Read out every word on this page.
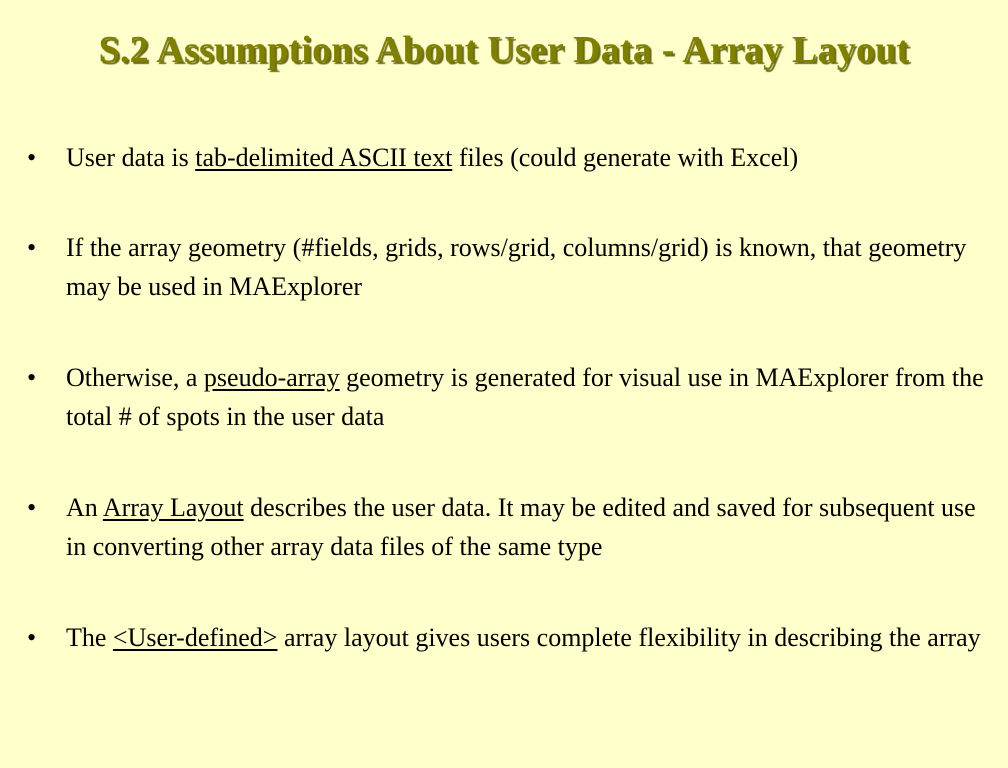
S.2 Assumptions About User Data - Array Layout
• User data is tab-delimited ASCII text files (could generate with Excel)
• If the array geometry (#fields, grids, rows/grid, columns/grid) is known, that geometry may be used in MAExplorer
• Otherwise, a pseudo-array geometry is generated for visual use in MAExplorer from the total # of spots in the user data
• An Array Layout describes the user data. It may be edited and saved for subsequent use in converting other array data files of the same type
• The <User-defined> array layout gives users complete flexibility in describing the array
